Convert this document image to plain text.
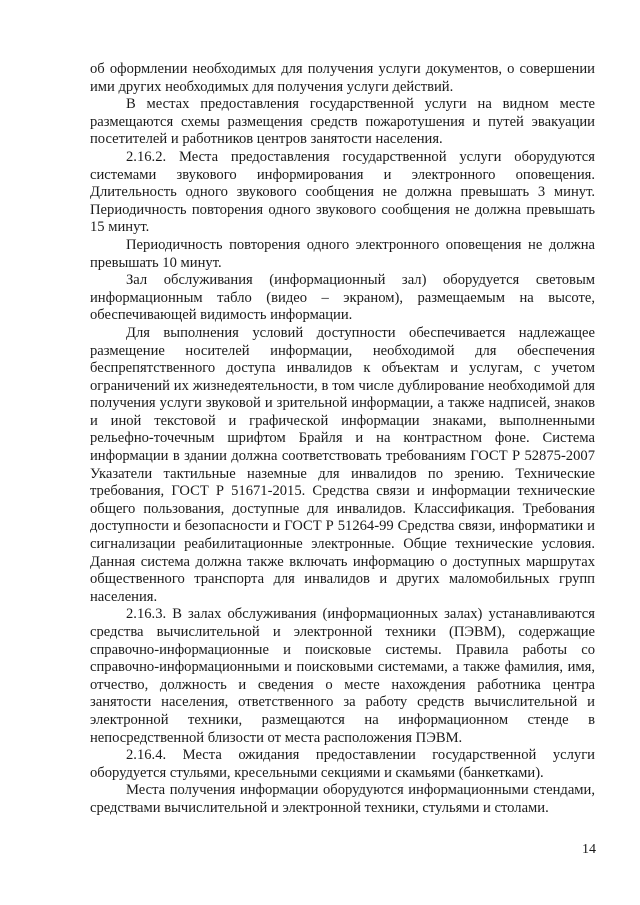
об оформлении необходимых для получения услуги документов, о совершении ими других необходимых для получения услуги действий.

В местах предоставления государственной услуги на видном месте размещаются схемы размещения средств пожаротушения и путей эвакуации посетителей и работников центров занятости населения.

2.16.2. Места предоставления государственной услуги оборудуются системами звукового информирования и электронного оповещения. Длительность одного звукового сообщения не должна превышать 3 минут. Периодичность повторения одного звукового сообщения не должна превышать 15 минут.

Периодичность повторения одного электронного оповещения не должна превышать 10 минут.

Зал обслуживания (информационный зал) оборудуется световым информационным табло (видео – экраном), размещаемым на высоте, обеспечивающей видимость информации.

Для выполнения условий доступности обеспечивается надлежащее размещение носителей информации, необходимой для обеспечения беспрепятственного доступа инвалидов к объектам и услугам, с учетом ограничений их жизнедеятельности, в том числе дублирование необходимой для получения услуги звуковой и зрительной информации, а также надписей, знаков и иной текстовой и графической информации знаками, выполненными рельефно-точечным шрифтом Брайля и на контрастном фоне. Система информации в здании должна соответствовать требованиям ГОСТ Р 52875-2007 Указатели тактильные наземные для инвалидов по зрению. Технические требования, ГОСТ Р 51671-2015. Средства связи и информации технические общего пользования, доступные для инвалидов. Классификация. Требования доступности и безопасности и ГОСТ Р 51264-99 Средства связи, информатики и сигнализации реабилитационные электронные. Общие технические условия. Данная система должна также включать информацию о доступных маршрутах общественного транспорта для инвалидов и других маломобильных групп населения.

2.16.3. В залах обслуживания (информационных залах) устанавливаются средства вычислительной и электронной техники (ПЭВМ), содержащие справочно-информационные и поисковые системы. Правила работы со справочно-информационными и поисковыми системами, а также фамилия, имя, отчество, должность и сведения о месте нахождения работника центра занятости населения, ответственного за работу средств вычислительной и электронной техники, размещаются на информационном стенде в непосредственной близости от места расположения ПЭВМ.

2.16.4. Места ожидания предоставлении государственной услуги оборудуется стульями, кресельными секциями и скамьями (банкетками).

Места получения информации оборудуются информационными стендами, средствами вычислительной и электронной техники, стульями и столами.

14
